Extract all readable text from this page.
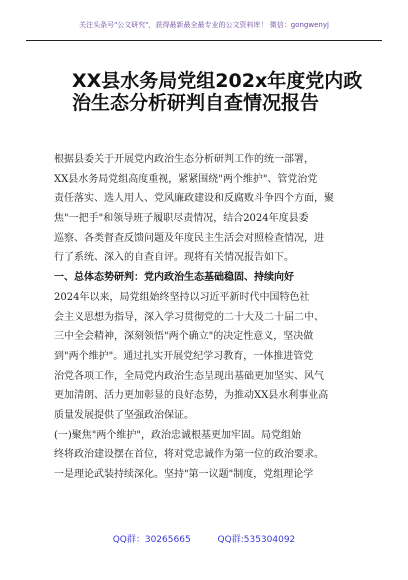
关注头条号"公文研究"，获得最新最全最专业的公文资料库！ 微信：gongwenyj
XX县水务局党组202x年度党内政
治生态分析研判自查情况报告
根据县委关于开展党内政治生态分析研判工作的统一部署，
XX县水务局党组高度重视，紧紧围绕"两个维护"、管党治党
责任落实、选人用人、党风廉政建设和反腐败斗争四个方面，聚
焦"一把手"和领导班子履职尽责情况，结合2024年度县委
巡察、各类督查反馈问题及年度民主生活会对照检查情况，进
行了系统、深入的自查自评。现将有关情况报告如下。
一、总体态势研判：党内政治生态基础稳固、持续向好
2024年以来，局党组始终坚持以习近平新时代中国特色社
会主义思想为指导，深入学习贯彻党的二十大及二十届二中、
三中全会精神，深刻领悟"两个确立"的决定性意义，坚决做
到"两个维护"。通过扎实开展党纪学习教育，一体推进管党
治党各项工作，全局党内政治生态呈现出基础更加坚实、风气
更加清朗、活力更加彰显的良好态势，为推动XX县水利事业高
质量发展提供了坚强政治保证。
(一)聚焦"两个维护"，政治忠诚根基更加牢固。局党组始
终将政治建设摆在首位，将对党忠诚作为第一位的政治要求。
一是理论武装持续深化。坚持"第一议题"制度，党组理论学
QQ群：30265665	QQ群:535304092
